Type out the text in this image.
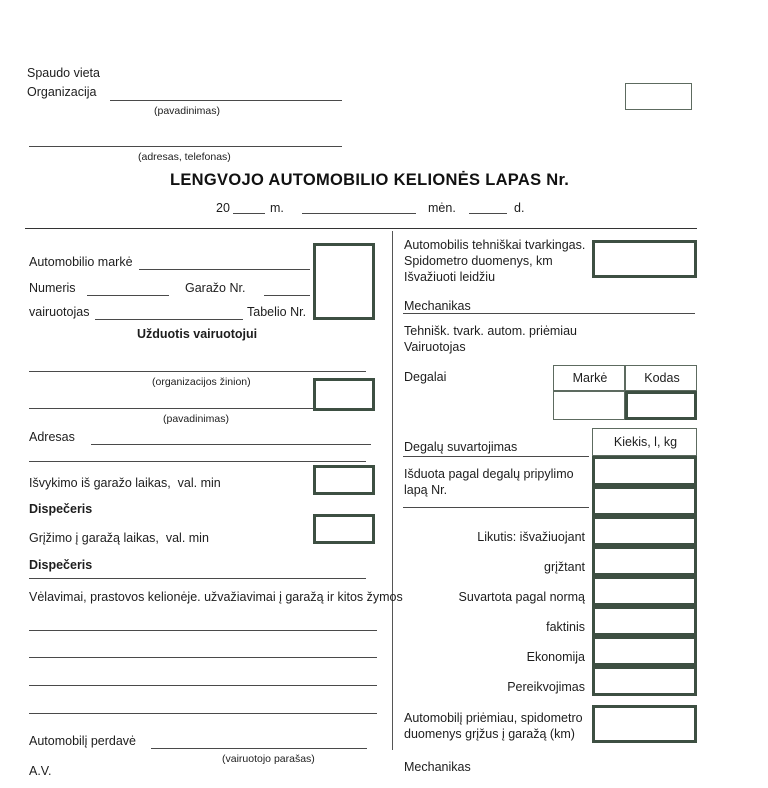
Spaudo vieta
Organizacija
(pavadinimas)
(adresas, telefonas)
LENGVOJO AUTOMOBILIO KELIONĖS LAPAS Nr.
20	m.	mėn.	d.
Automobilio markė
Numeris	Garažo Nr.
vairuotojas	Tabelio Nr.
Užduotis vairuotojui
(organizacijos žinion)
(pavadinimas)
Adresas
Išvykimo iš garažo laikas,  val. min
Dispečeris
Grįžimo į garažą laikas,  val. min
Dispečeris
Vėlavimai, prastovos kelionėje. užvažiavimai į garažą ir kitos žymos
Automobilį perdavė
(vairuotojo parašas)
A.V.
Automobilis tehniškai tvarkingas.
Spidometro duomenys, km
Išvažiuoti leidžiu
Mechanikas
Tehnišk. tvark. autom. priėmiau
Vairuotojas
Degalai	Markė	Kodas
Degalų suvartojimas	Kiekis, l, kg
Išduota pagal degalų pripylimo
lapą Nr.
Likutis: išvažiuojant
grįžtant
Suvartota pagal normą
faktinis
Ekonomija
Pereikvojimas
Automobilį priėmiau, spidometro
duomenys grįžus į garažą (km)
Mechanikas
